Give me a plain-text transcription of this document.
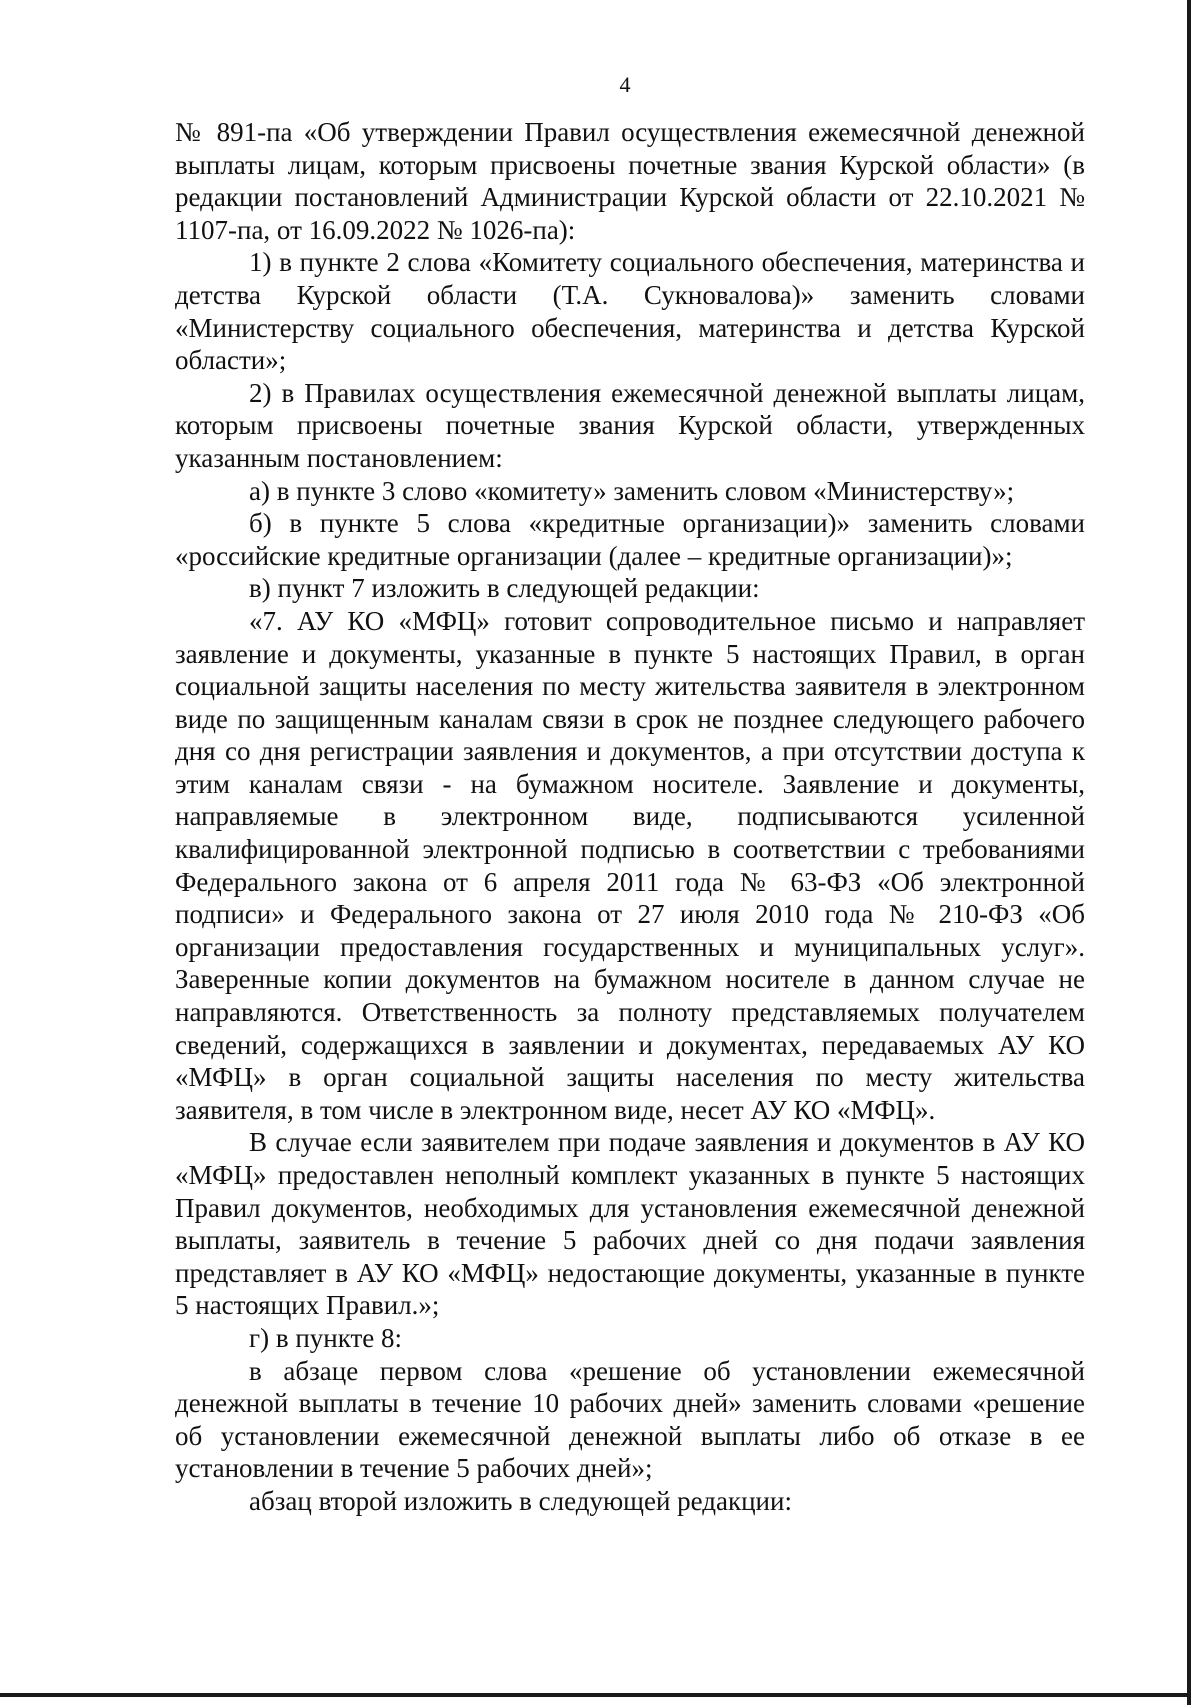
4

№ 891-па «Об утверждении Правил осуществления ежемесячной денежной выплаты лицам, которым присвоены почетные звания Курской области» (в редакции постановлений Администрации Курской области от 22.10.2021 № 1107-па, от 16.09.2022 № 1026-па):

1) в пункте 2 слова «Комитету социального обеспечения, материнства и детства Курской области (Т.А. Сукновалова)» заменить словами «Министерству социального обеспечения, материнства и детства Курской области»;

2) в Правилах осуществления ежемесячной денежной выплаты лицам, которым присвоены почетные звания Курской области, утвержденных указанным постановлением:

а) в пункте 3 слово «комитету» заменить словом «Министерству»;

б) в пункте 5 слова «кредитные организации)» заменить словами «российские кредитные организации (далее – кредитные организации)»;

в) пункт 7 изложить в следующей редакции:

«7. АУ КО «МФЦ» готовит сопроводительное письмо и направляет заявление и документы, указанные в пункте 5 настоящих Правил, в орган социальной защиты населения по месту жительства заявителя в электронном виде по защищенным каналам связи в срок не позднее следующего рабочего дня со дня регистрации заявления и документов, а при отсутствии доступа к этим каналам связи - на бумажном носителе. Заявление и документы, направляемые в электронном виде, подписываются усиленной квалифицированной электронной подписью в соответствии с требованиями Федерального закона от 6 апреля 2011 года № 63-ФЗ «Об электронной подписи» и Федерального закона от 27 июля 2010 года № 210-ФЗ «Об организации предоставления государственных и муниципальных услуг». Заверенные копии документов на бумажном носителе в данном случае не направляются. Ответственность за полноту представляемых получателем сведений, содержащихся в заявлении и документах, передаваемых АУ КО «МФЦ» в орган социальной защиты населения по месту жительства заявителя, в том числе в электронном виде, несет АУ КО «МФЦ».

В случае если заявителем при подаче заявления и документов в АУ КО «МФЦ» предоставлен неполный комплект указанных в пункте 5 настоящих Правил документов, необходимых для установления ежемесячной денежной выплаты, заявитель в течение 5 рабочих дней со дня подачи заявления представляет в АУ КО «МФЦ» недостающие документы, указанные в пункте 5 настоящих Правил.»;

г) в пункте 8:

в абзаце первом слова «решение об установлении ежемесячной денежной выплаты в течение 10 рабочих дней» заменить словами «решение об установлении ежемесячной денежной выплаты либо об отказе в ее установлении в течение 5 рабочих дней»;

абзац второй изложить в следующей редакции:
